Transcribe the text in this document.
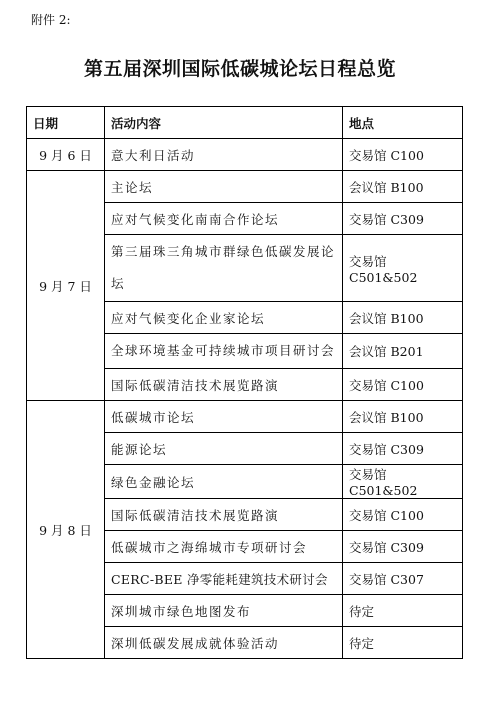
附件 2:
第五届深圳国际低碳城论坛日程总览
日期	活动内容	地点
9 月 6 日	意大利日活动	交易馆 C100
9 月 7 日	主论坛	会议馆 B100
	应对气候变化南南合作论坛	交易馆 C309
	第三届珠三角城市群绿色低碳发展论坛	交易馆 C501&502
	应对气候变化企业家论坛	会议馆 B100
	全球环境基金可持续城市项目研讨会	会议馆 B201
	国际低碳清洁技术展览路演	交易馆 C100
9 月 8 日	低碳城市论坛	会议馆 B100
	能源论坛	交易馆 C309
	绿色金融论坛	交易馆 C501&502
	国际低碳清洁技术展览路演	交易馆 C100
	低碳城市之海绵城市专项研讨会	交易馆 C309
	CERC-BEE 净零能耗建筑技术研讨会	交易馆 C307
	深圳城市绿色地图发布	待定
	深圳低碳发展成就体验活动	待定
